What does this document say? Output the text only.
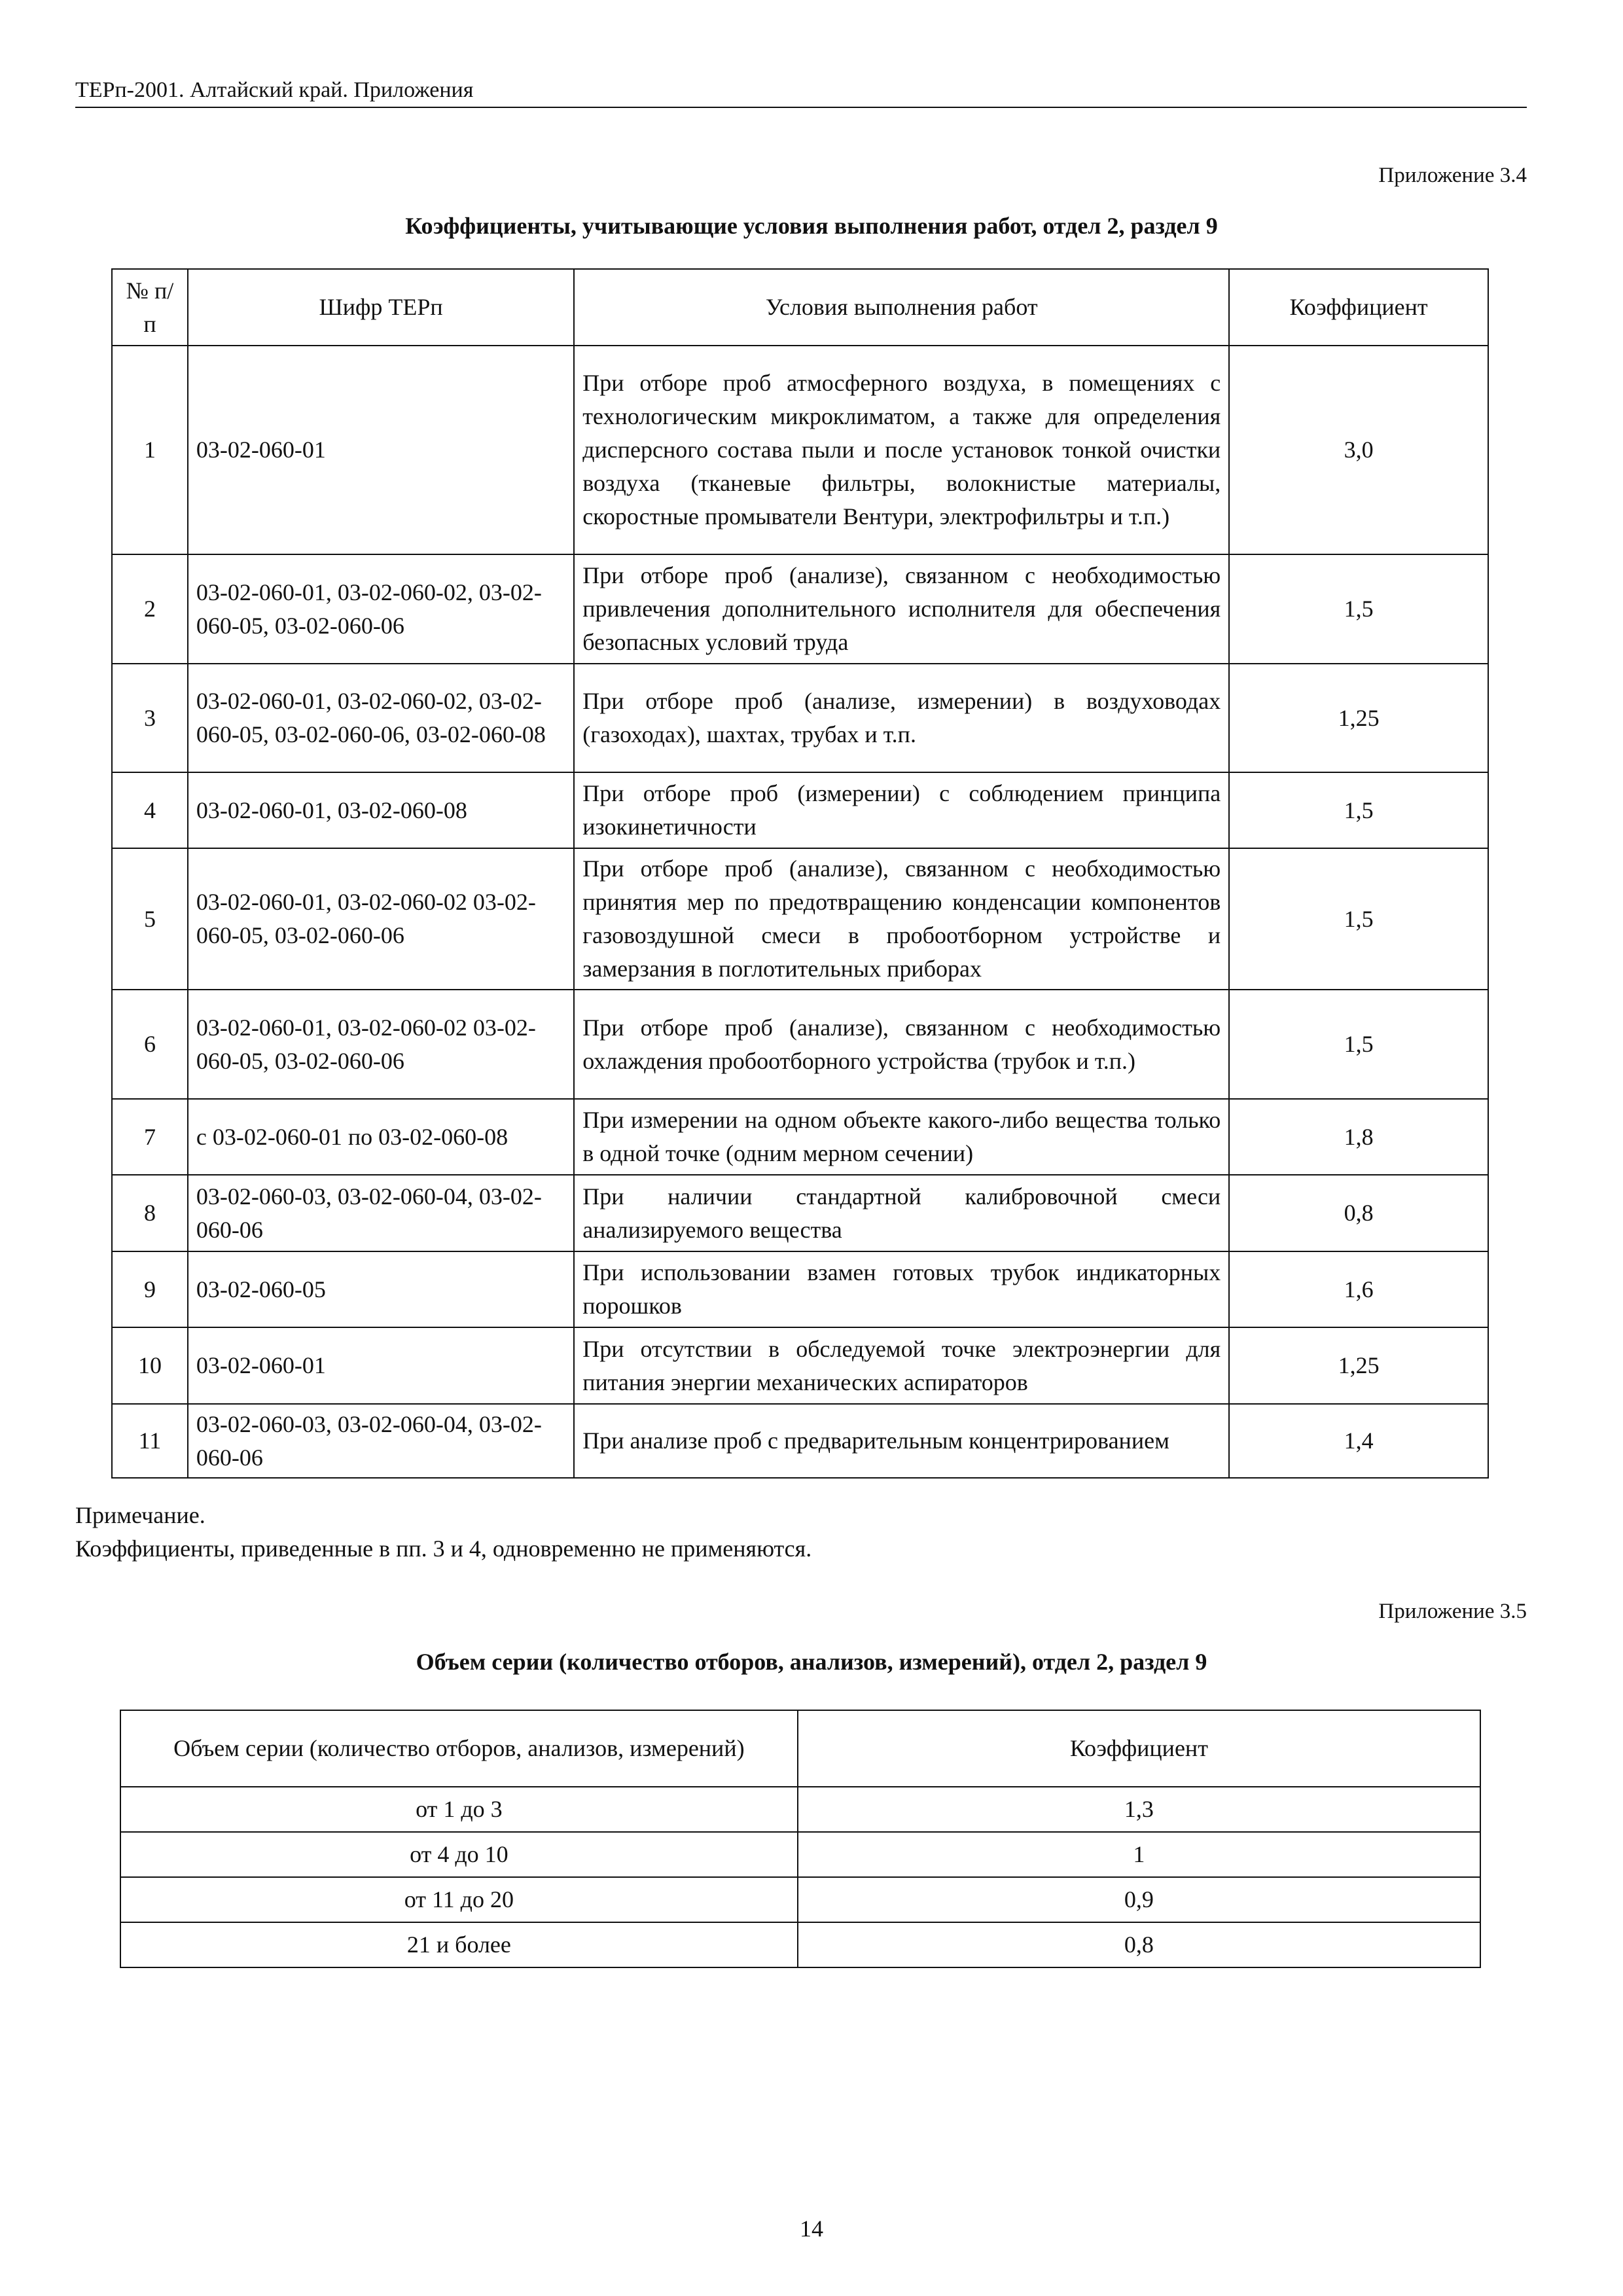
ТЕРп-2001. Алтайский край. Приложения
Приложение 3.4
Коэффициенты, учитывающие условия выполнения работ, отдел 2, раздел 9
№ п/п	Шифр ТЕРп	Условия выполнения работ	Коэффициент
1	03-02-060-01	При отборе проб атмосферного воздуха, в помещениях с технологическим микроклиматом, а также для определения дисперсного состава пыли и после установок тонкой очистки воздуха (тканевые фильтры, волокнистые материалы, скоростные промыватели Вентури, электрофильтры и т.п.)	3,0
2	03-02-060-01, 03-02-060-02, 03-02-060-05, 03-02-060-06	При отборе проб (анализе), связанном с необходимостью привлечения дополнительного исполнителя для обеспечения безопасных условий труда	1,5
3	03-02-060-01, 03-02-060-02, 03-02-060-05, 03-02-060-06, 03-02-060-08	При отборе проб (анализе, измерении) в воздуховодах (газоходах), шахтах, трубах и т.п.	1,25
4	03-02-060-01, 03-02-060-08	При отборе проб (измерении) с соблюдением принципа изокинетичности	1,5
5	03-02-060-01, 03-02-060-02 03-02-060-05, 03-02-060-06	При отборе проб (анализе), связанном с необходимостью принятия мер по предотвращению конденсации компонентов газовоздушной смеси в пробоотборном устройстве и замерзания в поглотительных приборах	1,5
6	03-02-060-01, 03-02-060-02 03-02-060-05, 03-02-060-06	При отборе проб (анализе), связанном с необходимостью охлаждения пробоотборного устройства (трубок и т.п.)	1,5
7	с 03-02-060-01 по 03-02-060-08	При измерении на одном объекте какого-либо вещества только в одной точке (одним мерном сечении)	1,8
8	03-02-060-03, 03-02-060-04, 03-02-060-06	При наличии стандартной калибровочной смеси анализируемого вещества	0,8
9	03-02-060-05	При использовании взамен готовых трубок индикаторных порошков	1,6
10	03-02-060-01	При отсутствии в обследуемой точке электроэнергии для питания энергии механических аспираторов	1,25
11	03-02-060-03, 03-02-060-04, 03-02-060-06	При анализе проб с предварительным концентрированием	1,4
Примечание.
Коэффициенты, приведенные в пп. 3 и 4, одновременно не применяются.
Приложение 3.5
Объем серии (количество отборов, анализов, измерений), отдел 2, раздел 9
Объем серии (количество отборов, анализов, измерений)	Коэффициент
от 1 до 3	1,3
от 4 до 10	1
от 11 до 20	0,9
21 и более	0,8
14
